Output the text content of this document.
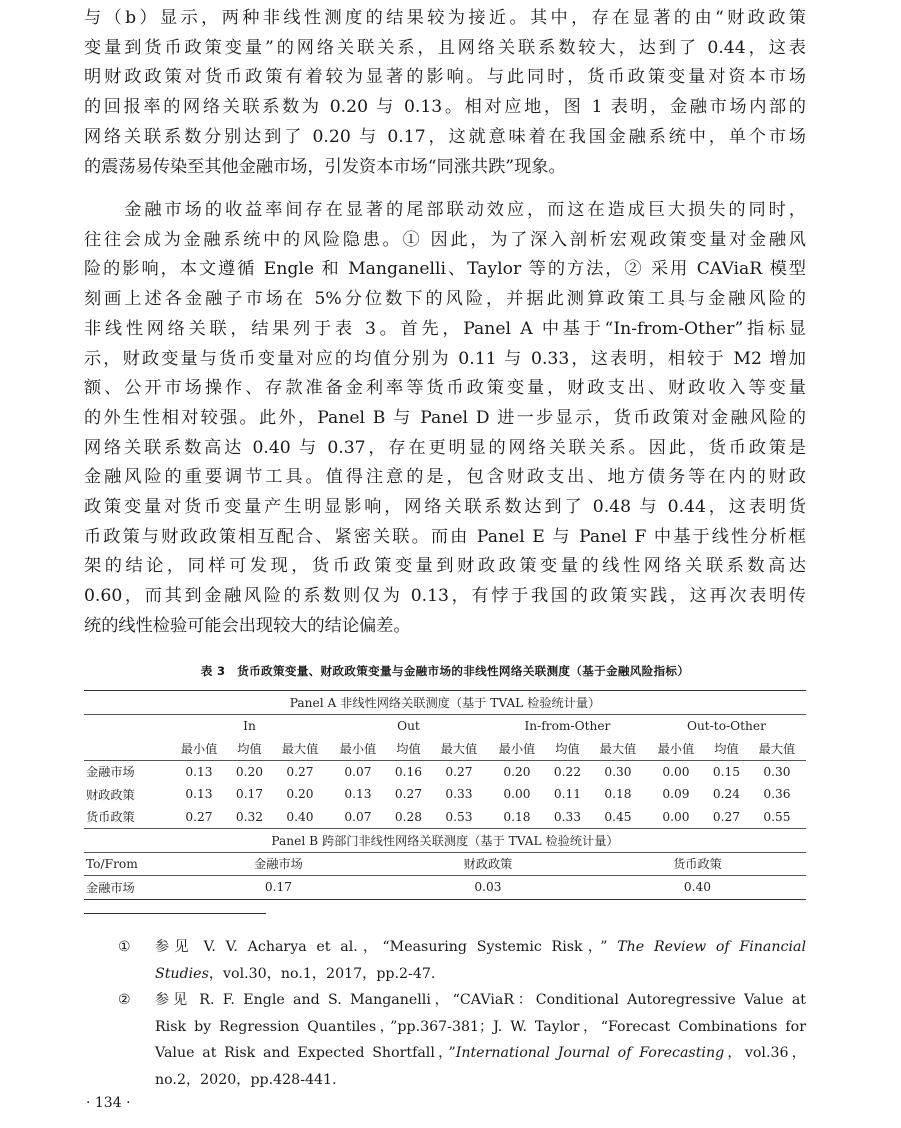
与（b）显示，两种非线性测度的结果较为接近。其中，存在显著的由“财政政策
变量到货币政策变量”的网络关联关系，且网络关联系数较大，达到了 0.44，这表
明财政政策对货币政策有着较为显著的影响。与此同时，货币政策变量对资本市场
的回报率的网络关联系数为 0.20 与 0.13。相对应地，图 1 表明，金融市场内部的
网络关联系数分别达到了 0.20 与 0.17，这就意味着在我国金融系统中，单个市场
的震荡易传染至其他金融市场，引发资本市场“同涨共跌”现象。
　　金融市场的收益率间存在显著的尾部联动效应，而这在造成巨大损失的同时，
往往会成为金融系统中的风险隐患。① 因此，为了深入剖析宏观政策变量对金融风
险的影响，本文遵循 Engle 和 Manganelli、Taylor 等的方法，② 采用 CAViaR 模型
刻画上述各金融子市场在 5%分位数下的风险，并据此测算政策工具与金融风险的
非线性网络关联，结果列于表 3。首先，Panel A 中基于“In-from-Other”指标显
示，财政变量与货币变量对应的均值分别为 0.11 与 0.33，这表明，相较于 M2 增加
额、公开市场操作、存款准备金利率等货币政策变量，财政支出、财政收入等变量
的外生性相对较强。此外，Panel B 与 Panel D 进一步显示，货币政策对金融风险的
网络关联系数高达 0.40 与 0.37，存在更明显的网络关联关系。因此，货币政策是
金融风险的重要调节工具。值得注意的是，包含财政支出、地方债务等在内的财政
政策变量对货币变量产生明显影响，网络关联系数达到了 0.48 与 0.44，这表明货
币政策与财政政策相互配合、紧密关联。而由 Panel E 与 Panel F 中基于线性分析框
架的结论，同样可发现，货币政策变量到财政政策变量的线性网络关联系数高达
0.60，而其到金融风险的系数则仅为 0.13，有悖于我国的政策实践，这再次表明传
统的线性检验可能会出现较大的结论偏差。
表 3　货币政策变量、财政政策变量与金融市场的非线性网络关联测度（基于金融风险指标）
Panel A 非线性网络关联测度（基于 TVAL 检验统计量）												
	In			Out			In-from-Other			Out-to-Other		
	最小值	均值	最大值	最小值	均值	最大值	最小值	均值	最大值	最小值	均值	最大值
金融市场	0.13	0.20	0.27	0.07	0.16	0.27	0.20	0.22	0.30	0.00	0.15	0.30
财政政策	0.13	0.17	0.20	0.13	0.27	0.33	0.00	0.11	0.18	0.09	0.24	0.36
货币政策	0.27	0.32	0.40	0.07	0.28	0.53	0.18	0.33	0.45	0.00	0.27	0.55
Panel B 跨部门非线性网络关联测度（基于 TVAL 检验统计量）												
To/From	金融市场				财政政策				货币政策			
金融市场	0.17				0.03				0.40			
① 参见 V. V. Acharya et al.，“Measuring Systemic Risk，” The Review of Financial
Studies，vol.30，no.1，2017，pp.2-47.
② 参见 R. F. Engle and S. Manganelli，“CAViaR：Conditional Autoregressive Value at
Risk by Regression Quantiles，”pp.367-381；J. W. Taylor，“Forecast Combinations for
Value at Risk and Expected Shortfall，”International Journal of Forecasting，vol.36，
no.2，2020，pp.428-441.
· 134 ·
